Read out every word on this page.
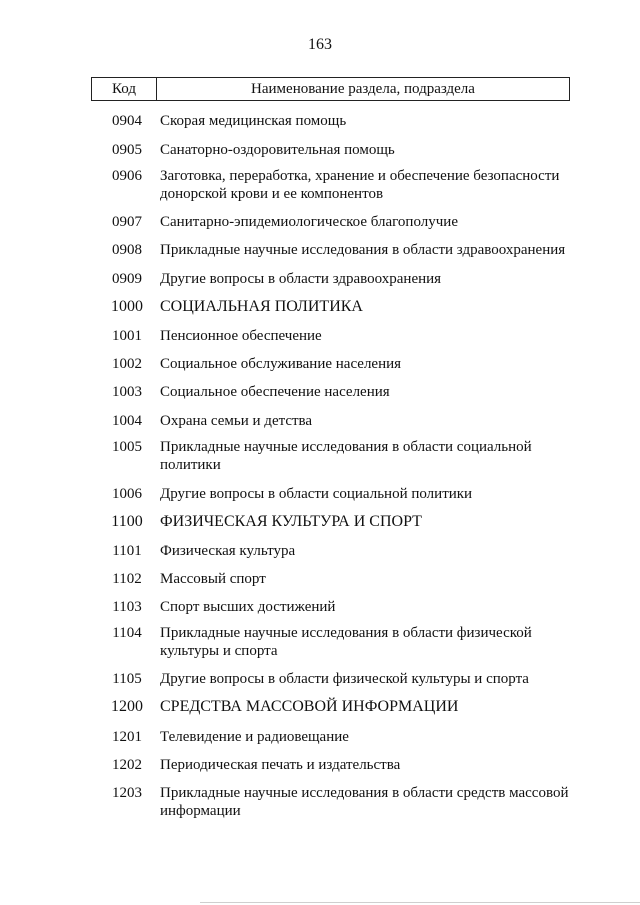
163
Код	Наименование раздела, подраздела
0904	Скорая медицинская помощь
0905	Санаторно-оздоровительная помощь
0906	Заготовка, переработка, хранение и обеспечение безопасности донорской крови и ее компонентов
0907	Санитарно-эпидемиологическое благополучие
0908	Прикладные научные исследования в области здравоохранения
0909	Другие вопросы в области здравоохранения
1000	СОЦИАЛЬНАЯ ПОЛИТИКА
1001	Пенсионное обеспечение
1002	Социальное обслуживание населения
1003	Социальное обеспечение населения
1004	Охрана семьи и детства
1005	Прикладные научные исследования в области социальной политики
1006	Другие вопросы в области социальной политики
1100	ФИЗИЧЕСКАЯ КУЛЬТУРА И СПОРТ
1101	Физическая культура
1102	Массовый спорт
1103	Спорт высших достижений
1104	Прикладные научные исследования в области физической культуры и спорта
1105	Другие вопросы в области физической культуры и спорта
1200	СРЕДСТВА МАССОВОЙ ИНФОРМАЦИИ
1201	Телевидение и радиовещание
1202	Периодическая печать и издательства
1203	Прикладные научные исследования в области средств массовой информации
